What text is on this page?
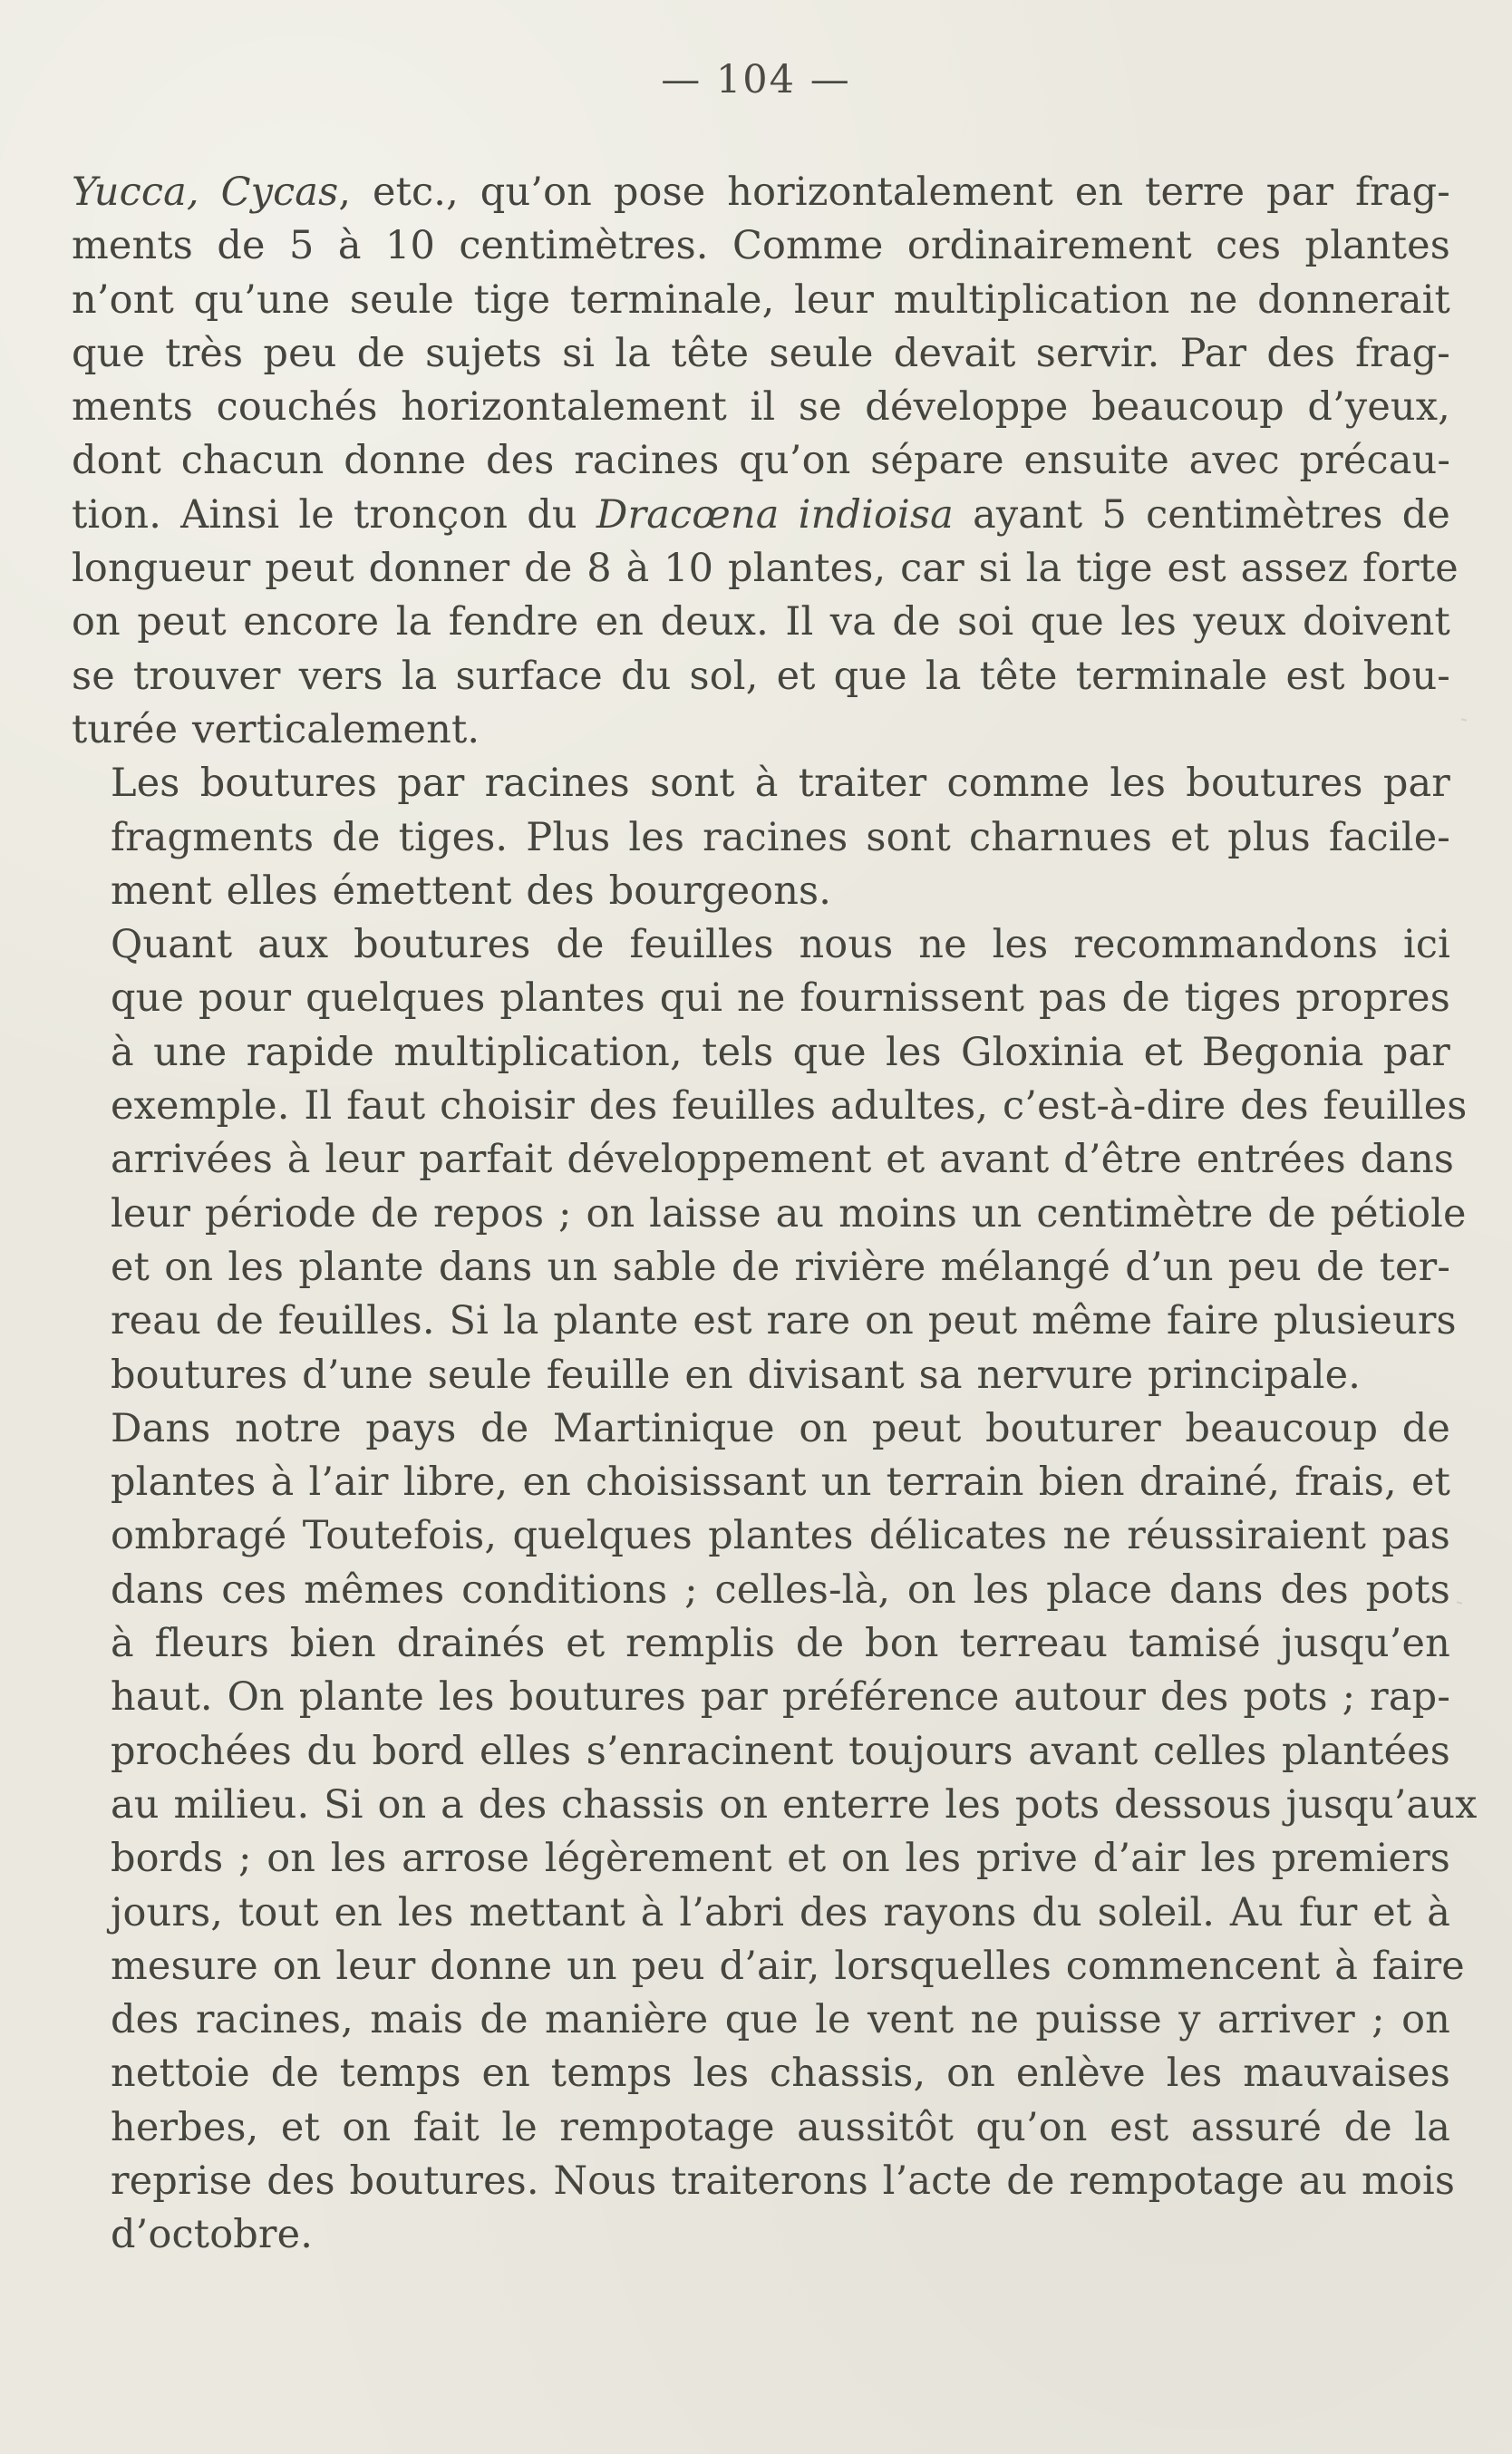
— 104 —

Yucca, Cycas, etc., qu’on pose horizontalement en terre par frag-
ments de 5 à 10 centimètres. Comme ordinairement ces plantes
n’ont qu’une seule tige terminale, leur multiplication ne donnerait
que très peu de sujets si la tête seule devait servir. Par des frag-
ments couchés horizontalement il se développe beaucoup d’yeux,
dont chacun donne des racines qu’on sépare ensuite avec précau-
tion. Ainsi le tronçon du Dracœna indioisa ayant 5 centimètres de
longueur peut donner de 8 à 10 plantes, car si la tige est assez forte
on peut encore la fendre en deux. Il va de soi que les yeux doivent
se trouver vers la surface du sol, et que la tête terminale est bou-
turée verticalement.

Les boutures par racines sont à traiter comme les boutures par
fragments de tiges. Plus les racines sont charnues et plus facile-
ment elles émettent des bourgeons.

Quant aux boutures de feuilles nous ne les recommandons ici
que pour quelques plantes qui ne fournissent pas de tiges propres
à une rapide multiplication, tels que les Gloxinia et Begonia par
exemple. Il faut choisir des feuilles adultes, c’est-à-dire des feuilles
arrivées à leur parfait développement et avant d’être entrées dans
leur période de repos ; on laisse au moins un centimètre de pétiole
et on les plante dans un sable de rivière mélangé d’un peu de ter-
reau de feuilles. Si la plante est rare on peut même faire plusieurs
boutures d’une seule feuille en divisant sa nervure principale.

Dans notre pays de Martinique on peut bouturer beaucoup de
plantes à l’air libre, en choisissant un terrain bien drainé, frais, et
ombragé Toutefois, quelques plantes délicates ne réussiraient pas
dans ces mêmes conditions ; celles-là, on les place dans des pots
à fleurs bien drainés et remplis de bon terreau tamisé jusqu’en
haut. On plante les boutures par préférence autour des pots ; rap-
prochées du bord elles s’enracinent toujours avant celles plantées
au milieu. Si on a des chassis on enterre les pots dessous jusqu’aux
bords ; on les arrose légèrement et on les prive d’air les premiers
jours, tout en les mettant à l’abri des rayons du soleil. Au fur et à
mesure on leur donne un peu d’air, lorsquelles commencent à faire
des racines, mais de manière que le vent ne puisse y arriver ; on
nettoie de temps en temps les chassis, on enlève les mauvaises
herbes, et on fait le rempotage aussitôt qu’on est assuré de la
reprise des boutures. Nous traiterons l’acte de rempotage au mois
d’octobre.
